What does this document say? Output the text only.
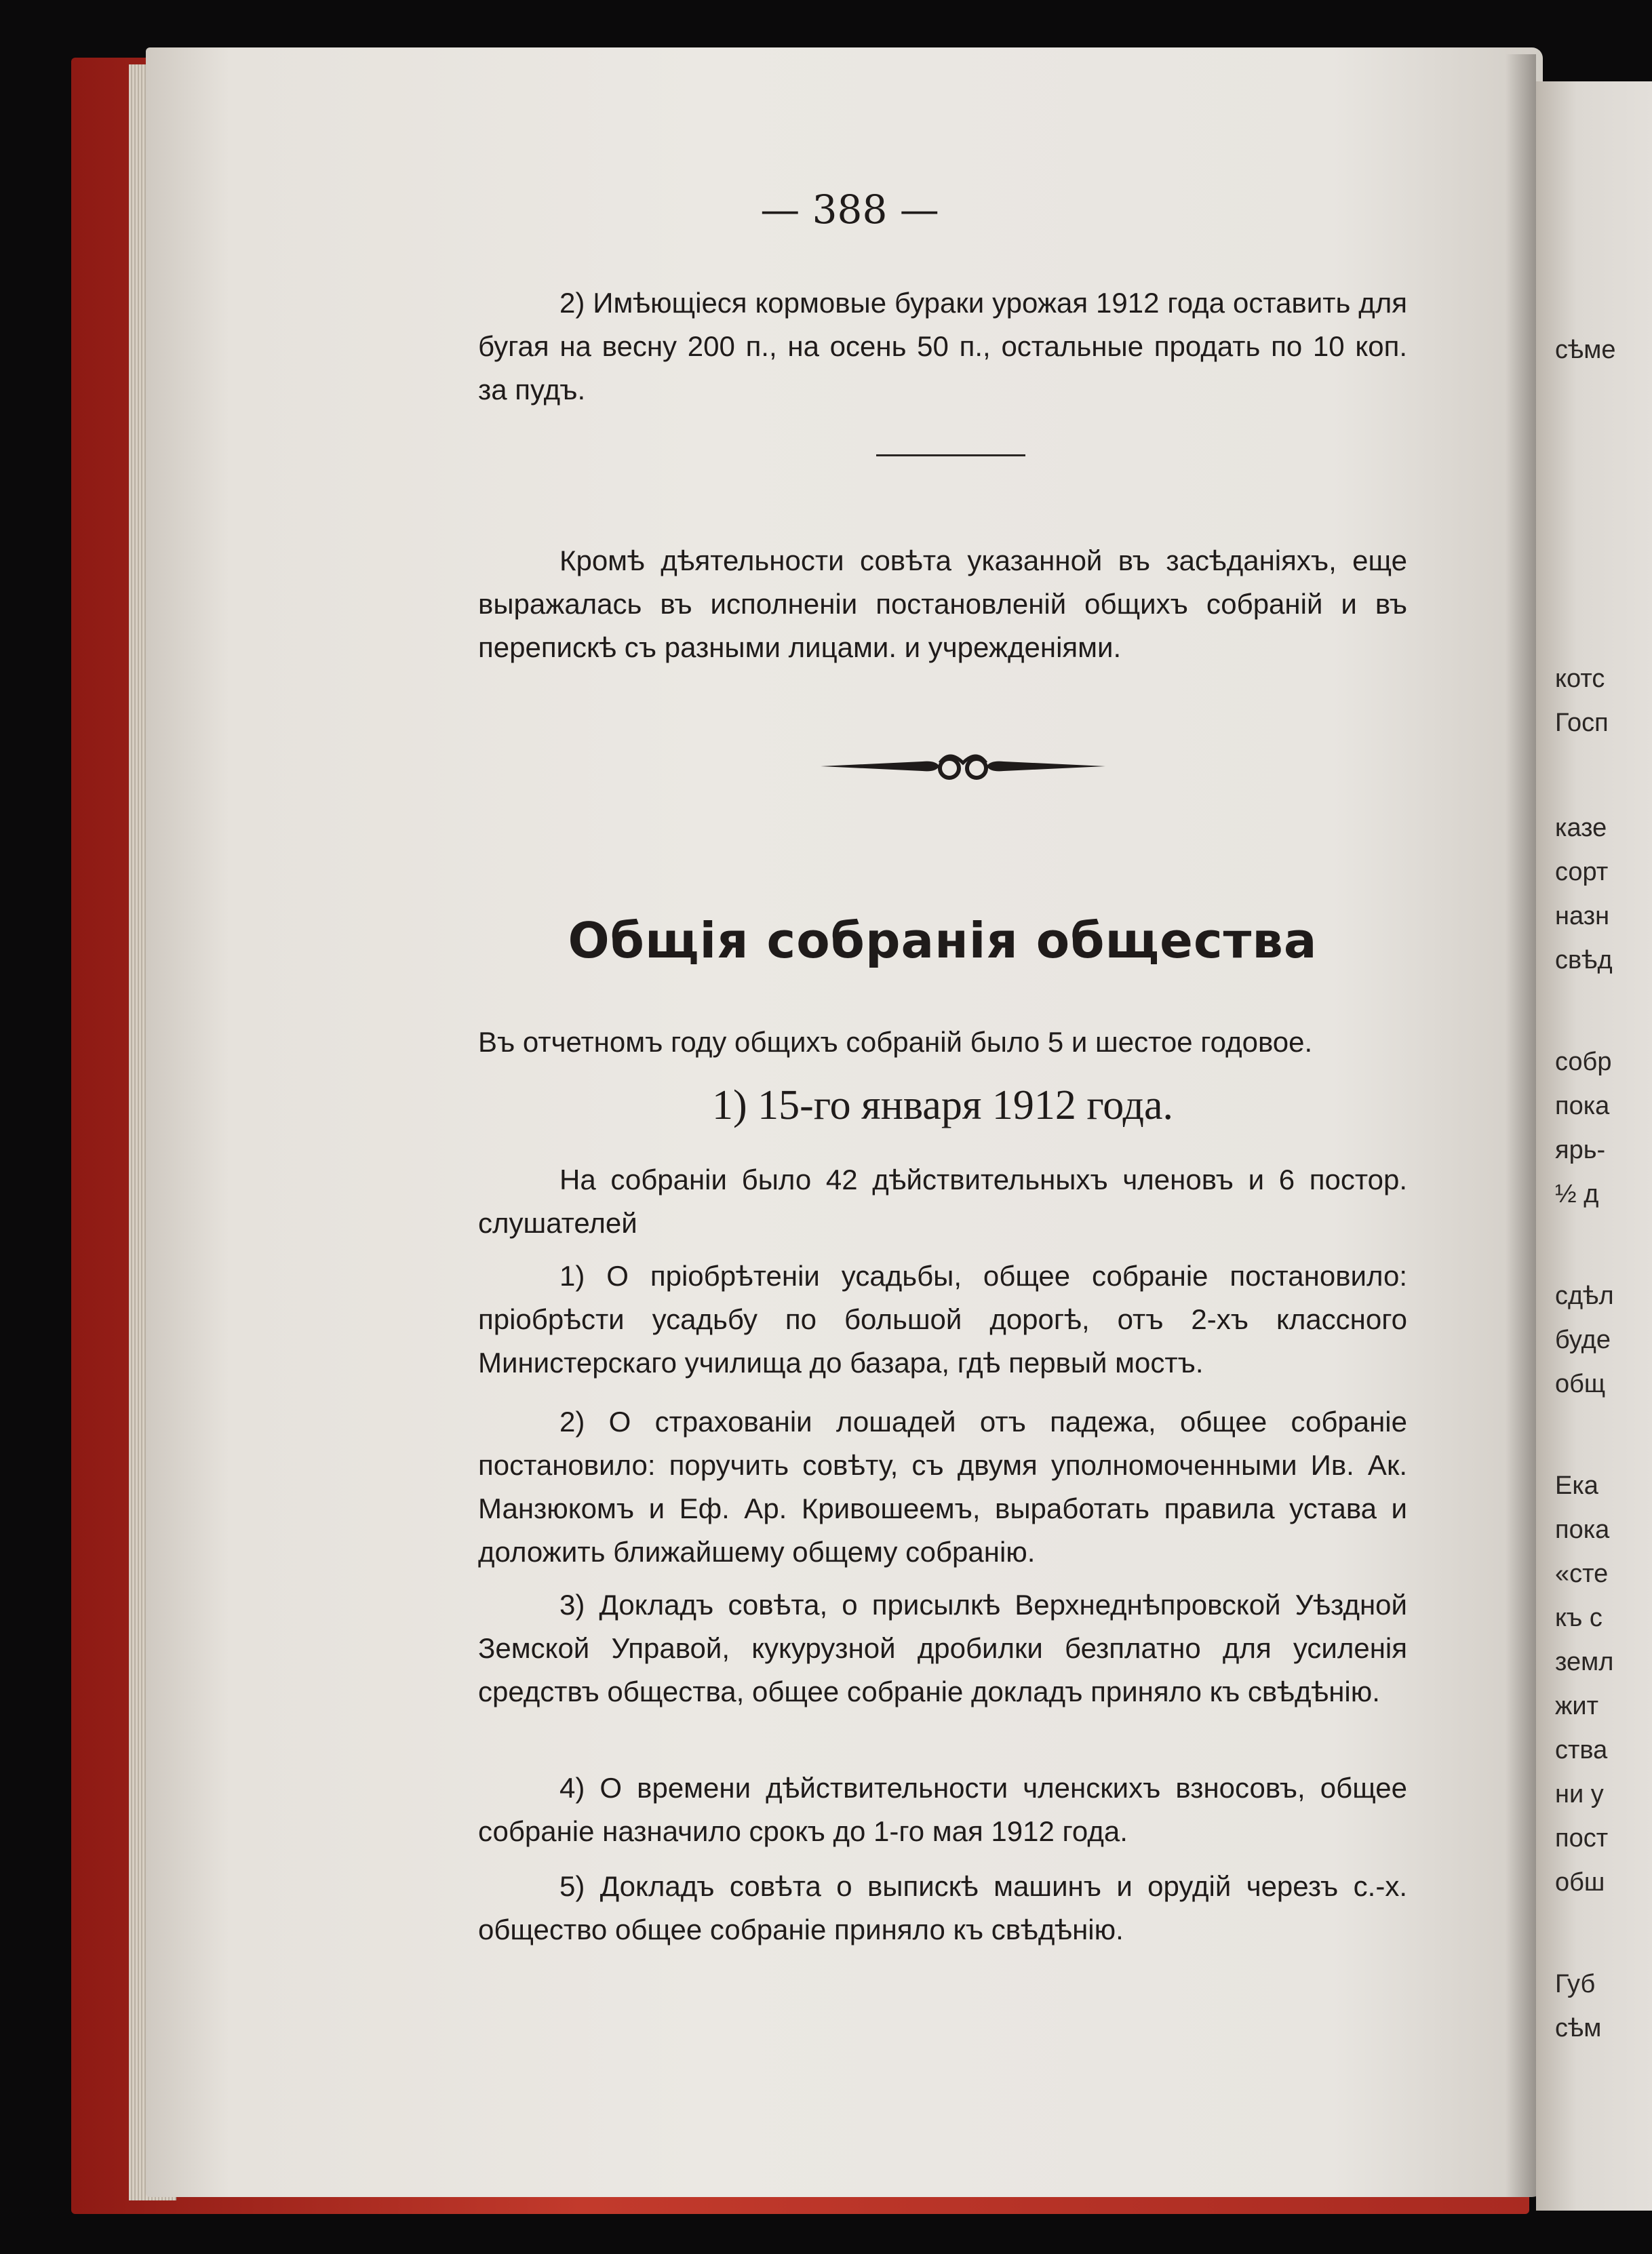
сѣме
котс
Госп
казе
сорт
назн
свѣд
собр
пока
ярь-
½ д
сдѣл
буде
общ
Ека
пока
«сте
къ с
земл
жит
ства
ни у
пост
обш
Губ
сѣм
— 388 —
2) Имѣющіеся кормовые бураки урожая 1912 года оставить для бугая на весну 200 п., на осень 50 п., остальные продать по 10 коп. за пудъ.
Кромѣ дѣятельности совѣта указанной въ засѣданіяхъ, еще выражалась въ исполненіи постановленій общихъ собраній и въ перепискѣ съ разными лицами. и учрежденіями.
Общія собранія общества
Въ отчетномъ году общихъ собраній было 5 и шестое годовое.
1) 15-го января 1912 года.
На собраніи было 42 дѣйствительныхъ членовъ и 6 постор. слушателей
1) О пріобрѣтеніи усадьбы, общее собраніе постановило: пріобрѣсти усадьбу по большой дорогѣ, отъ 2-хъ классного Министерскаго училища до базара, гдѣ первый мостъ.
2) О страхованіи лошадей отъ падежа, общее собраніе постановило: поручить совѣту, съ двумя уполномоченными Ив. Ак. Манзюкомъ и Еф. Ар. Кривошеемъ, выработать правила устава и доложить ближайшему общему собранію.
3) Докладъ совѣта, о присылкѣ Верхнеднѣпровской Уѣздной Земской Управой, кукурузной дробилки безплатно для усиленія средствъ общества, общее собраніе докладъ приняло къ свѣдѣнію.
4) О времени дѣйствительности членскихъ взносовъ, общее собраніе назначило срокъ до 1-го мая 1912 года.
5) Докладъ совѣта о выпискѣ машинъ и орудій черезъ с.-х. общество общее собраніе приняло къ свѣдѣнію.
